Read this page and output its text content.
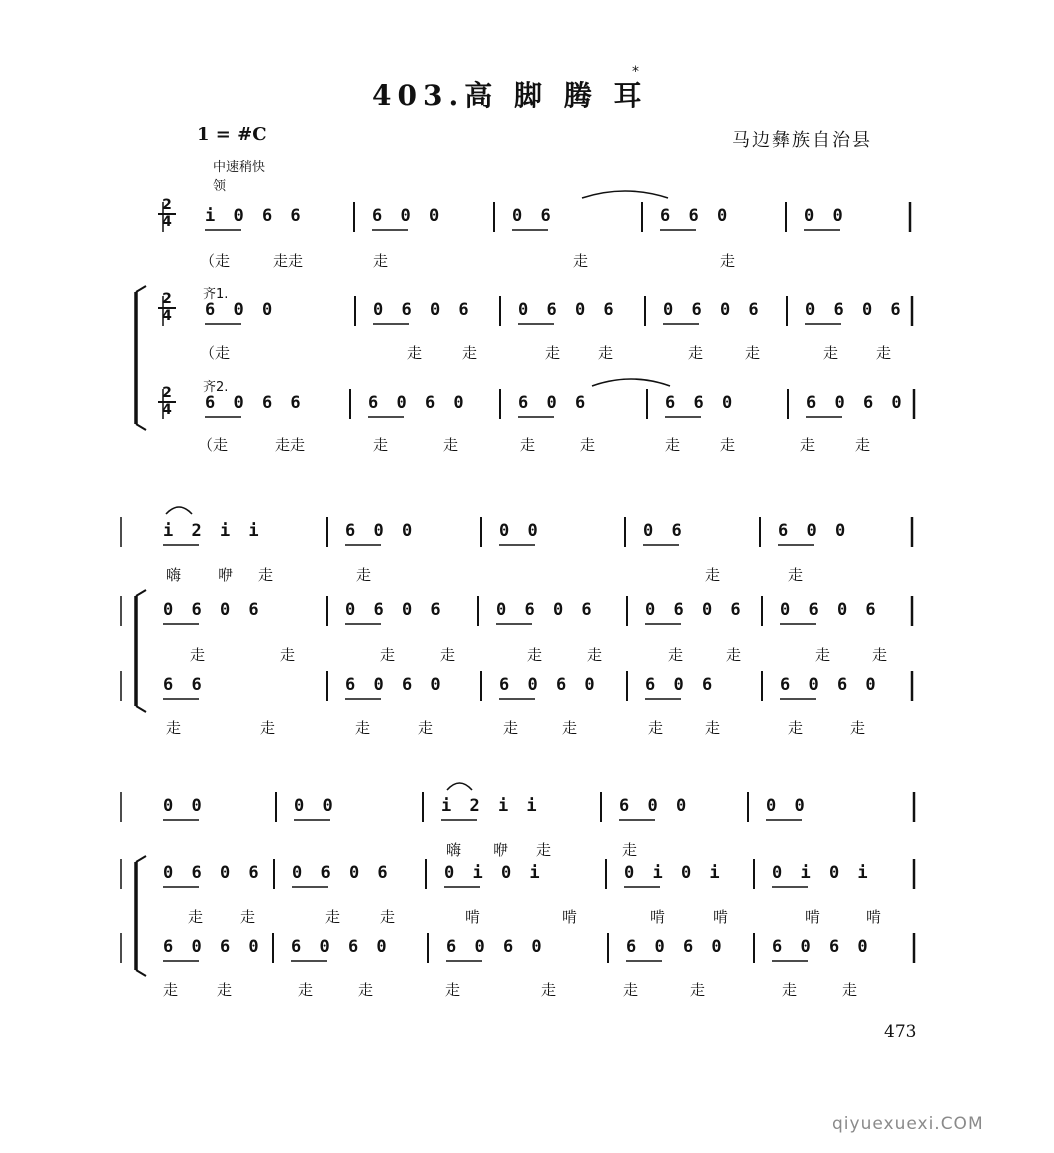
403.高 脚 腾 耳
*
1 = #C	马边彝族自治县
中速稍快
领
齐1.
齐2.
$\frac{2}{4}$
$\frac{2}{4}$
$\frac{2}{4}$
473
qiyuexuexi.COM
i 0 6 6	6 0 0	0 6	6 6 0	0 0
（走	走走	走	走	走
6 0 0	0 6 0 6	0 6 0 6	0 6 0 6 0 6 0 6
（走	走	走	走	走	走	走	走	走
6 0 6 6	6 0 6 0	6 0 6	6 6 0	6 0 6 0
（走	走走	走	走	走	走	走	走	走	走
i 2 i i	6 0 0	0 0	0 6	6 0 0
嗨 咿 走	走	走	走
0 6 0 6	0 6 0 6	0 6 0 6	0 6 0 6 0 6 0 6
走	走	走	走	走	走	走	走	走	走
6 6	6 0 6 0	6 0 6 0	6 0 6	6 0 6 0
走	走	走	走	走	走	走	走	走	走
0 0	0 0	i 2 i i	6 0 0	0 0
嗨 咿 走	走
0 6 0 6 0 6 0 6	0 i 0 i	0 i 0 i	0 i 0 i
走 走	走	走	啃	啃	啃	啃	啃	啃
6 0 6 0 6 0 6 0	6 0 6 0	6 0 6 0	6 0 6 0
走	走	走	走	走	走	走	走	走	走
